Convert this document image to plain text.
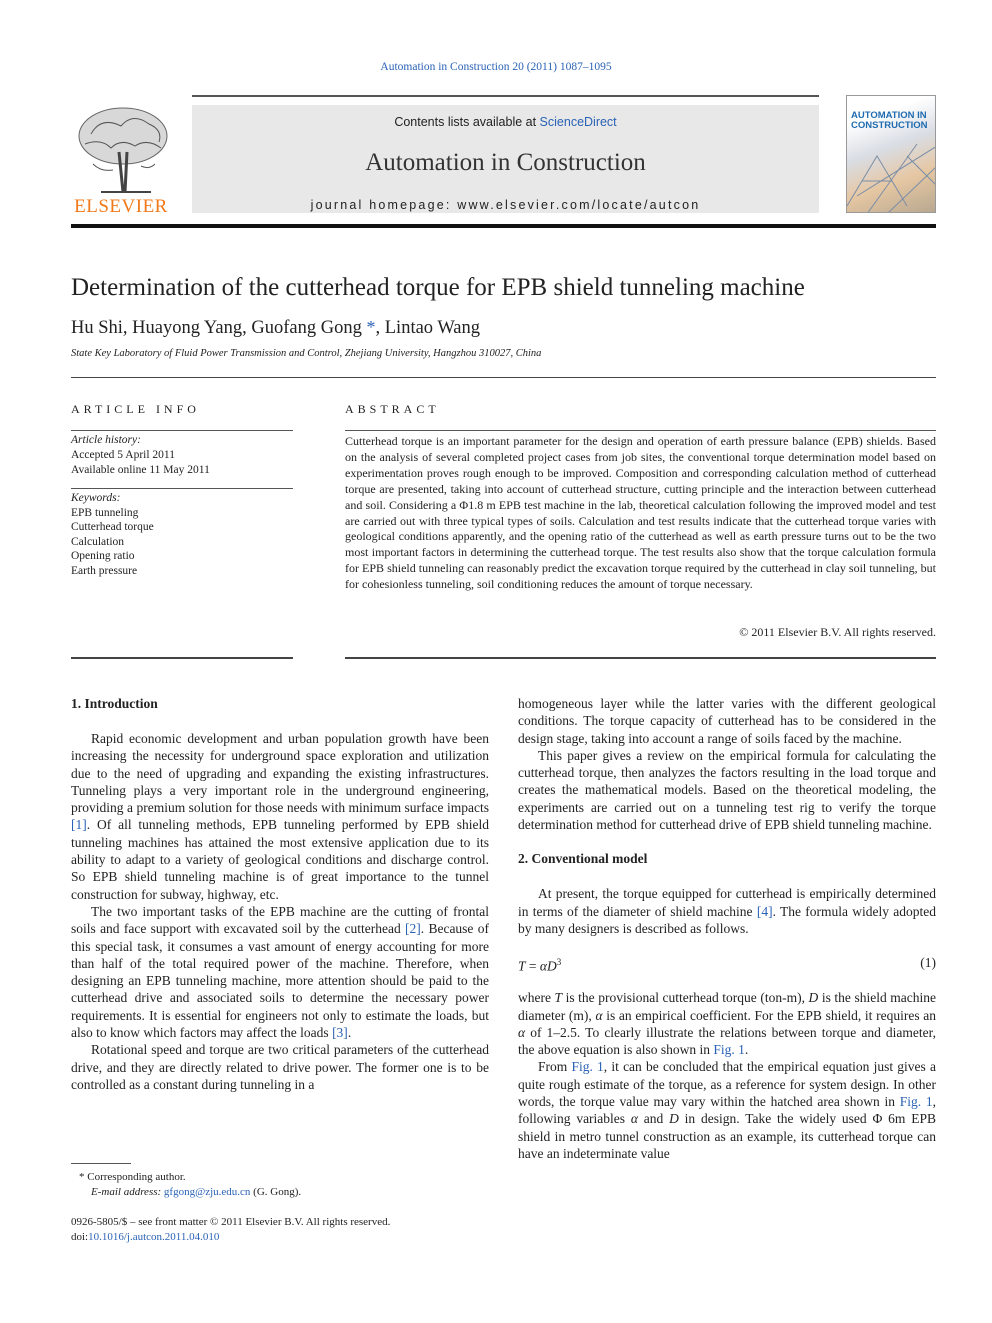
Automation in Construction 20 (2011) 1087–1095
ELSEVIER
Contents lists available at ScienceDirect
Automation in Construction
journal homepage: www.elsevier.com/locate/autcon
AUTOMATION IN CONSTRUCTION
Determination of the cutterhead torque for EPB shield tunneling machine
Hu Shi, Huayong Yang, Guofang Gong *, Lintao Wang
State Key Laboratory of Fluid Power Transmission and Control, Zhejiang University, Hangzhou 310027, China
ARTICLE INFO
Article history:
Accepted 5 April 2011
Available online 11 May 2011
Keywords:
EPB tunneling
Cutterhead torque
Calculation
Opening ratio
Earth pressure
ABSTRACT
Cutterhead torque is an important parameter for the design and operation of earth pressure balance (EPB) shields. Based on the analysis of several completed project cases from job sites, the conventional torque determination model based on experimentation proves rough enough to be improved. Composition and corresponding calculation method of cutterhead torque are presented, taking into account of cutterhead structure, cutting principle and the interaction between cutterhead and soil. Considering a Φ1.8 m EPB test machine in the lab, theoretical calculation following the improved model and test are carried out with three typical types of soils. Calculation and test results indicate that the cutterhead torque varies with geological conditions apparently, and the opening ratio of the cutterhead as well as earth pressure turns out to be the two most important factors in determining the cutterhead torque. The test results also show that the torque calculation formula for EPB shield tunneling can reasonably predict the excavation torque required by the cutterhead in clay soil tunneling, but for cohesionless tunneling, soil conditioning reduces the amount of torque necessary.
© 2011 Elsevier B.V. All rights reserved.
1. Introduction

Rapid economic development and urban population growth have been increasing the necessity for underground space exploration and utilization due to the need of upgrading and expanding the existing infrastructures. Tunneling plays a very important role in the underground engineering, providing a premium solution for those needs with minimum surface impacts [1]. Of all tunneling methods, EPB tunneling performed by EPB shield tunneling machines has attained the most extensive application due to its ability to adapt to a variety of geological conditions and discharge control. So EPB shield tunneling machine is of great importance to the tunnel construction for subway, highway, etc.

The two important tasks of the EPB machine are the cutting of frontal soils and face support with excavated soil by the cutterhead [2]. Because of this special task, it consumes a vast amount of energy accounting for more than half of the total required power of the machine. Therefore, when designing an EPB tunneling machine, more attention should be paid to the cutterhead drive and associated soils to determine the necessary power requirements. It is essential for engineers not only to estimate the loads, but also to know which factors may affect the loads [3].

Rotational speed and torque are two critical parameters of the cutterhead drive, and they are directly related to drive power. The former one is to be controlled as a constant during tunneling in a

homogeneous layer while the latter varies with the different geological conditions. The torque capacity of cutterhead has to be considered in the design stage, taking into account a range of soils faced by the machine.

This paper gives a review on the empirical formula for calculating the cutterhead torque, then analyzes the factors resulting in the load torque and creates the mathematical models. Based on the theoretical modeling, the experiments are carried out on a tunneling test rig to verify the torque determination method for cutterhead drive of EPB shield tunneling machine.

2. Conventional model

At present, the torque equipped for cutterhead is empirically determined in terms of the diameter of shield machine [4]. The formula widely adopted by many designers is described as follows.

$T = \alpha D^3$	(1)

where T is the provisional cutterhead torque (ton-m), D is the shield machine diameter (m), α is an empirical coefficient. For the EPB shield, it requires an α of 1–2.5. To clearly illustrate the relations between torque and diameter, the above equation is also shown in Fig. 1.

From Fig. 1, it can be concluded that the empirical equation just gives a quite rough estimate of the torque, as a reference for system design. In other words, the torque value may vary within the hatched area shown in Fig. 1, following variables α and D in design. Take the widely used Φ 6m EPB shield in metro tunnel construction as an example, its cutterhead torque can have an indeterminate value

* Corresponding author.
E-mail address: gfgong@zju.edu.cn (G. Gong).
0926-5805/$ – see front matter © 2011 Elsevier B.V. All rights reserved.
doi:10.1016/j.autcon.2011.04.010
